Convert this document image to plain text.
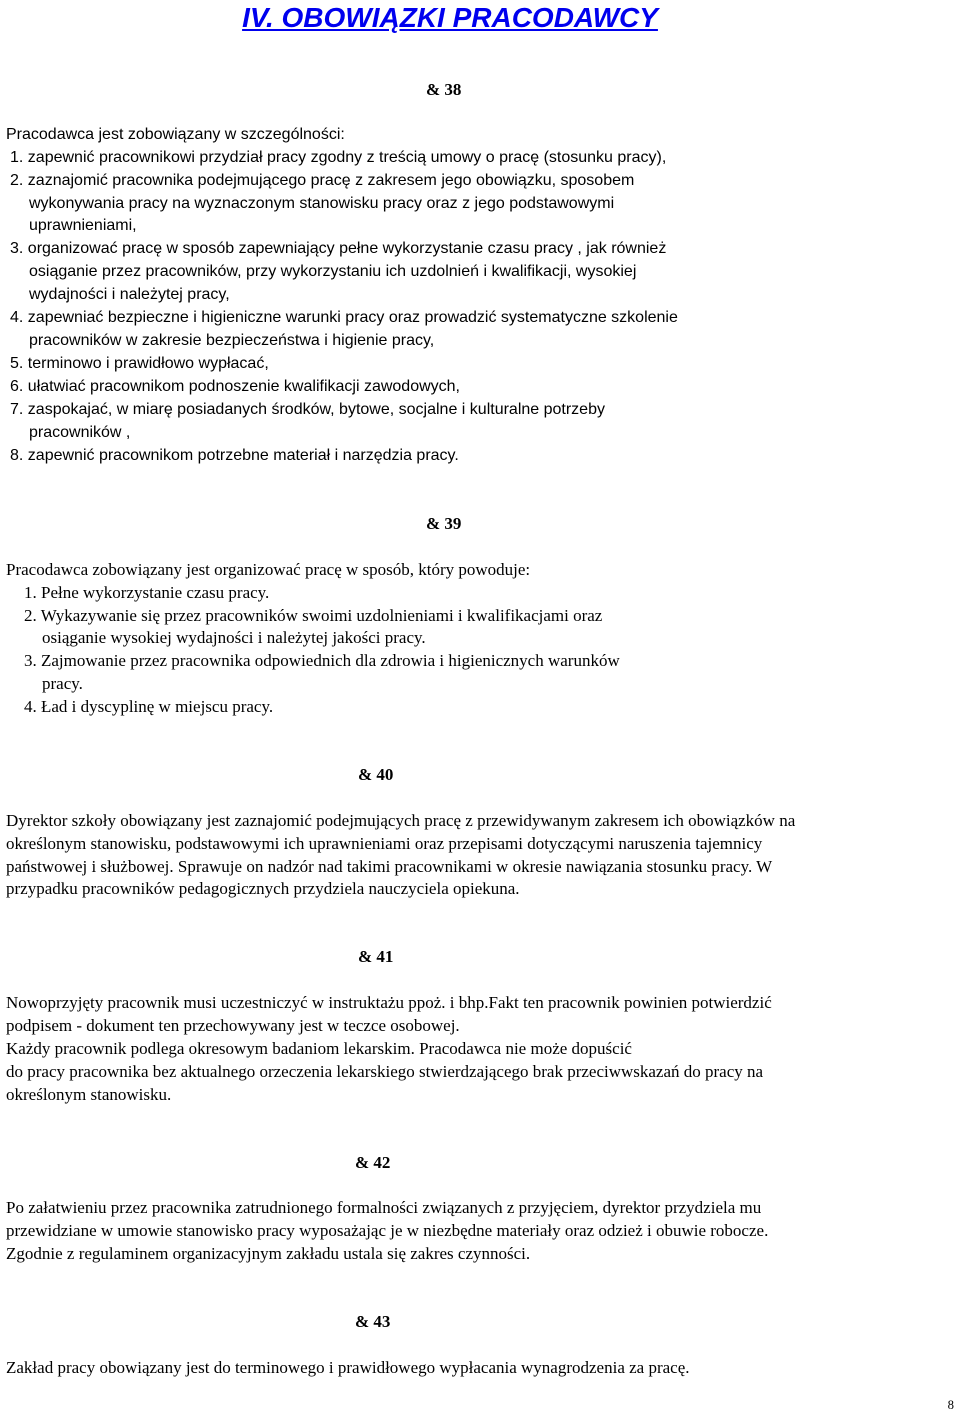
IV. OBOWIĄZKI PRACODAWCY
& 38
Pracodawca jest zobowiązany w szczególności:
1. zapewnić pracownikowi przydział pracy zgodny z treścią umowy o pracę (stosunku pracy),
2. zaznajomić pracownika podejmującego pracę z zakresem jego obowiązku, sposobem
wykonywania pracy na wyznaczonym stanowisku pracy oraz z jego podstawowymi
uprawnieniami,
3. organizować pracę w sposób zapewniający pełne wykorzystanie czasu pracy , jak również
osiąganie przez pracowników, przy wykorzystaniu ich uzdolnień i kwalifikacji, wysokiej
wydajności i należytej pracy,
4. zapewniać bezpieczne i higieniczne warunki pracy oraz prowadzić systematyczne szkolenie
pracowników w zakresie bezpieczeństwa i higienie pracy,
5. terminowo i prawidłowo wypłacać,
6. ułatwiać pracownikom podnoszenie kwalifikacji zawodowych,
7. zaspokajać, w miarę posiadanych środków, bytowe, socjalne i kulturalne potrzeby
pracowników ,
8. zapewnić pracownikom potrzebne materiał i narzędzia pracy.
& 39
Pracodawca zobowiązany jest organizować pracę w sposób, który powoduje:
1. Pełne wykorzystanie czasu pracy.
2. Wykazywanie się przez pracowników swoimi uzdolnieniami i kwalifikacjami oraz
osiąganie wysokiej wydajności i należytej jakości pracy.
3. Zajmowanie przez pracownika odpowiednich dla zdrowia i higienicznych warunków
pracy.
4. Ład i dyscyplinę w miejscu pracy.
& 40
Dyrektor szkoły obowiązany jest zaznajomić podejmujących pracę z przewidywanym zakresem ich obowiązków na
określonym stanowisku, podstawowymi ich uprawnieniami oraz przepisami dotyczącymi naruszenia tajemnicy
państwowej i służbowej. Sprawuje on nadzór nad takimi pracownikami w okresie nawiązania stosunku pracy. W
przypadku pracowników pedagogicznych przydziela nauczyciela opiekuna.
& 41
Nowoprzyjęty pracownik musi uczestniczyć w instruktażu ppoż. i bhp.Fakt ten pracownik powinien potwierdzić
podpisem - dokument ten przechowywany jest w teczce osobowej.
Każdy pracownik podlega okresowym badaniom lekarskim. Pracodawca nie może dopuścić
do pracy pracownika bez aktualnego orzeczenia lekarskiego stwierdzającego brak przeciwwskazań do pracy na
określonym stanowisku.
& 42
Po załatwieniu przez pracownika zatrudnionego formalności związanych z przyjęciem, dyrektor przydziela mu
przewidziane w umowie stanowisko pracy wyposażając je w niezbędne materiały oraz odzież i obuwie robocze.
Zgodnie z regulaminem organizacyjnym zakładu ustala się zakres czynności.
& 43
Zakład pracy obowiązany jest do terminowego i prawidłowego wypłacania wynagrodzenia za pracę.
8
